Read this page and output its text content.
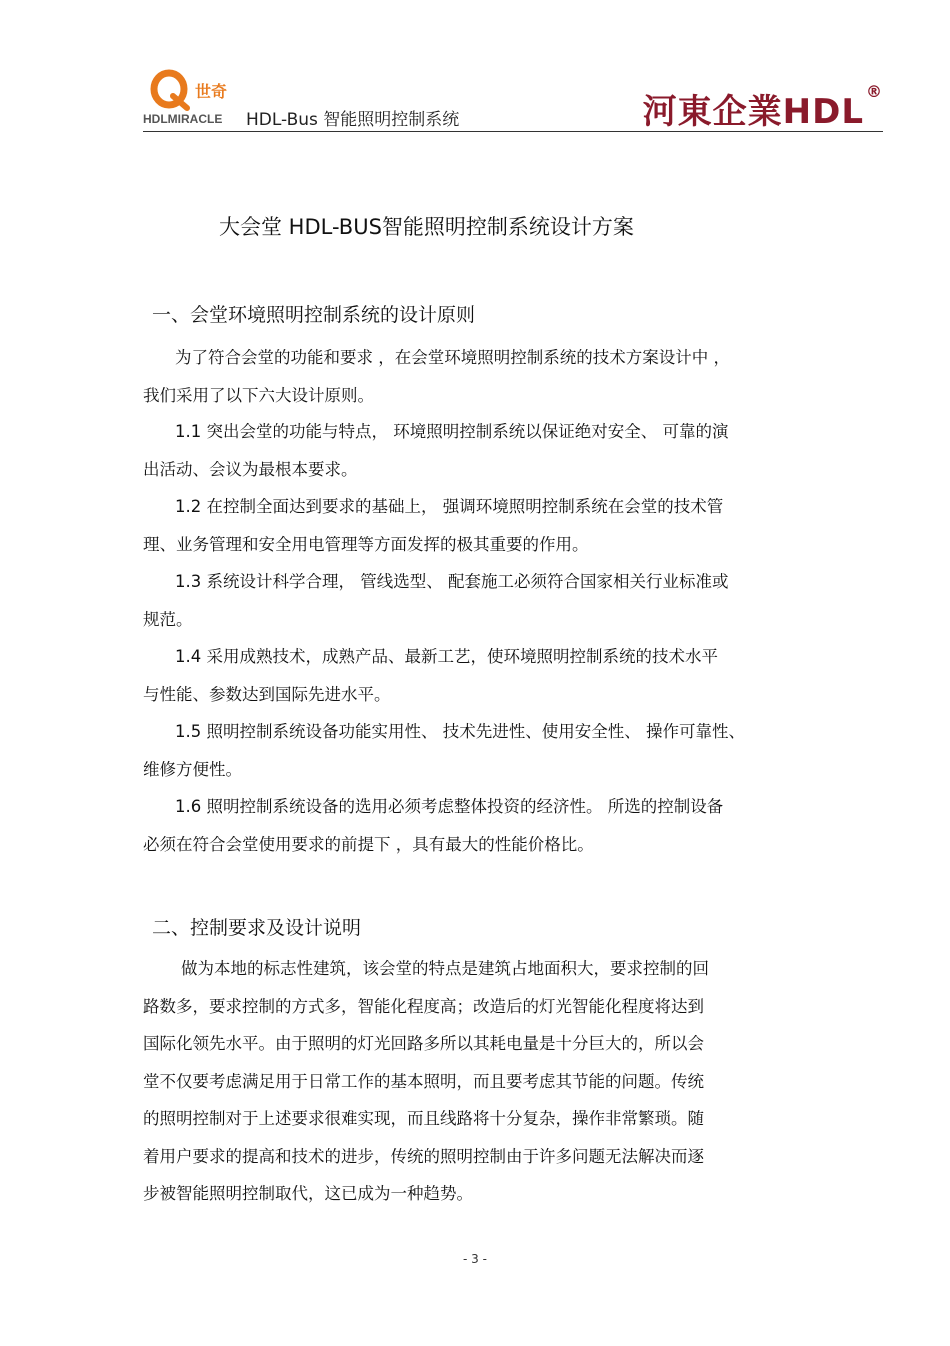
世奇
HDLMIRACLE HDL-Bus 智能照明控制系统	河東企業HDL®
大会堂 HDL-BUS智能照明控制系统设计方案
一、会堂环境照明控制系统的设计原则
为了符合会堂的功能和要求 ，在会堂环境照明控制系统的技术方案设计中 ，
我们采用了以下六大设计原则。
1.1 突出会堂的功能与特点， 环境照明控制系统以保证绝对安全、 可靠的演
出活动、会议为最根本要求。
1.2 在控制全面达到要求的基础上， 强调环境照明控制系统在会堂的技术管
理、业务管理和安全用电管理等方面发挥的极其重要的作用。
1.3 系统设计科学合理， 管线选型、 配套施工必须符合国家相关行业标准或
规范。
1.4 采用成熟技术，成熟产品、最新工艺，使环境照明控制系统的技术水平
与性能、参数达到国际先进水平。
1.5 照明控制系统设备功能实用性、 技术先进性、使用安全性、 操作可靠性、
维修方便性。
1.6 照明控制系统设备的选用必须考虑整体投资的经济性。 所选的控制设备
必须在符合会堂使用要求的前提下 ，具有最大的性能价格比。
二、控制要求及设计说明
做为本地的标志性建筑，该会堂的特点是建筑占地面积大，要求控制的回
路数多，要求控制的方式多，智能化程度高；改造后的灯光智能化程度将达到
国际化领先水平。由于照明的灯光回路多所以其耗电量是十分巨大的，所以会
堂不仅要考虑满足用于日常工作的基本照明，而且要考虑其节能的问题。传统
的照明控制对于上述要求很难实现，而且线路将十分复杂，操作非常繁琐。随
着用户要求的提高和技术的进步，传统的照明控制由于许多问题无法解决而逐
步被智能照明控制取代，这已成为一种趋势。
- 3 -
